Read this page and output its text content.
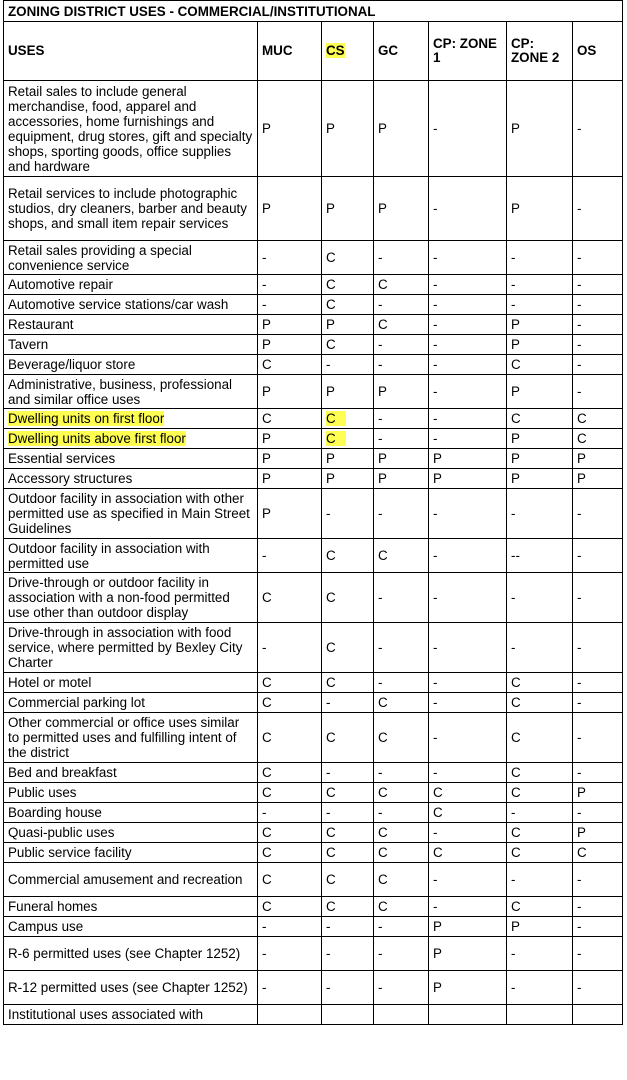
ZONING DISTRICT USES - COMMERCIAL/INSTITUTIONAL						
USES	MUC	CS	GC	CP: ZONE 1	CP: ZONE 2	OS
Retail sales to include general merchandise, food, apparel and accessories, home furnishings and equipment, drug stores, gift and specialty shops, sporting goods, office supplies and hardware	P	P	P	-	P	-
Retail services to include photographic studios, dry cleaners, barber and beauty shops, and small item repair services	P	P	P	-	P	-
Retail sales providing a special convenience service	-	C	-	-	-	-
Automotive repair	-	C	C	-	-	-
Automotive service stations/car wash	-	C	-	-	-	-
Restaurant	P	P	C	-	P	-
Tavern	P	C	-	-	P	-
Beverage/liquor store	C	-	-	-	C	-
Administrative, business, professional and similar office uses	P	P	P	-	P	-
Dwelling units on first floor	C	C	-	-	C	C
Dwelling units above first floor	P	C	-	-	P	C
Essential services	P	P	P	P	P	P
Accessory structures	P	P	P	P	P	P
Outdoor facility in association with other permitted use as specified in Main Street Guidelines	P	-	-	-	-	-
Outdoor facility in association with permitted use	-	C	C	-	--	-
Drive-through or outdoor facility in association with a non-food permitted use other than outdoor display	C	C	-	-	-	-
Drive-through in association with food service, where permitted by Bexley City Charter	-	C	-	-	-	-
Hotel or motel	C	C	-	-	C	-
Commercial parking lot	C	-	C	-	C	-
Other commercial or office uses similar to permitted uses and fulfilling intent of the district	C	C	C	-	C	-
Bed and breakfast	C	-	-	-	C	-
Public uses	C	C	C	C	C	P
Boarding house	-	-	-	C	-	-
Quasi-public uses	C	C	C	-	C	P
Public service facility	C	C	C	C	C	C
Commercial amusement and recreation	C	C	C	-	-	-
Funeral homes	C	C	C	-	C	-
Campus use	-	-	-	P	P	-
R-6 permitted uses (see Chapter 1252)	-	-	-	P	-	-
R-12 permitted uses (see Chapter 1252)	-	-	-	P	-	-
Institutional uses associated with						
